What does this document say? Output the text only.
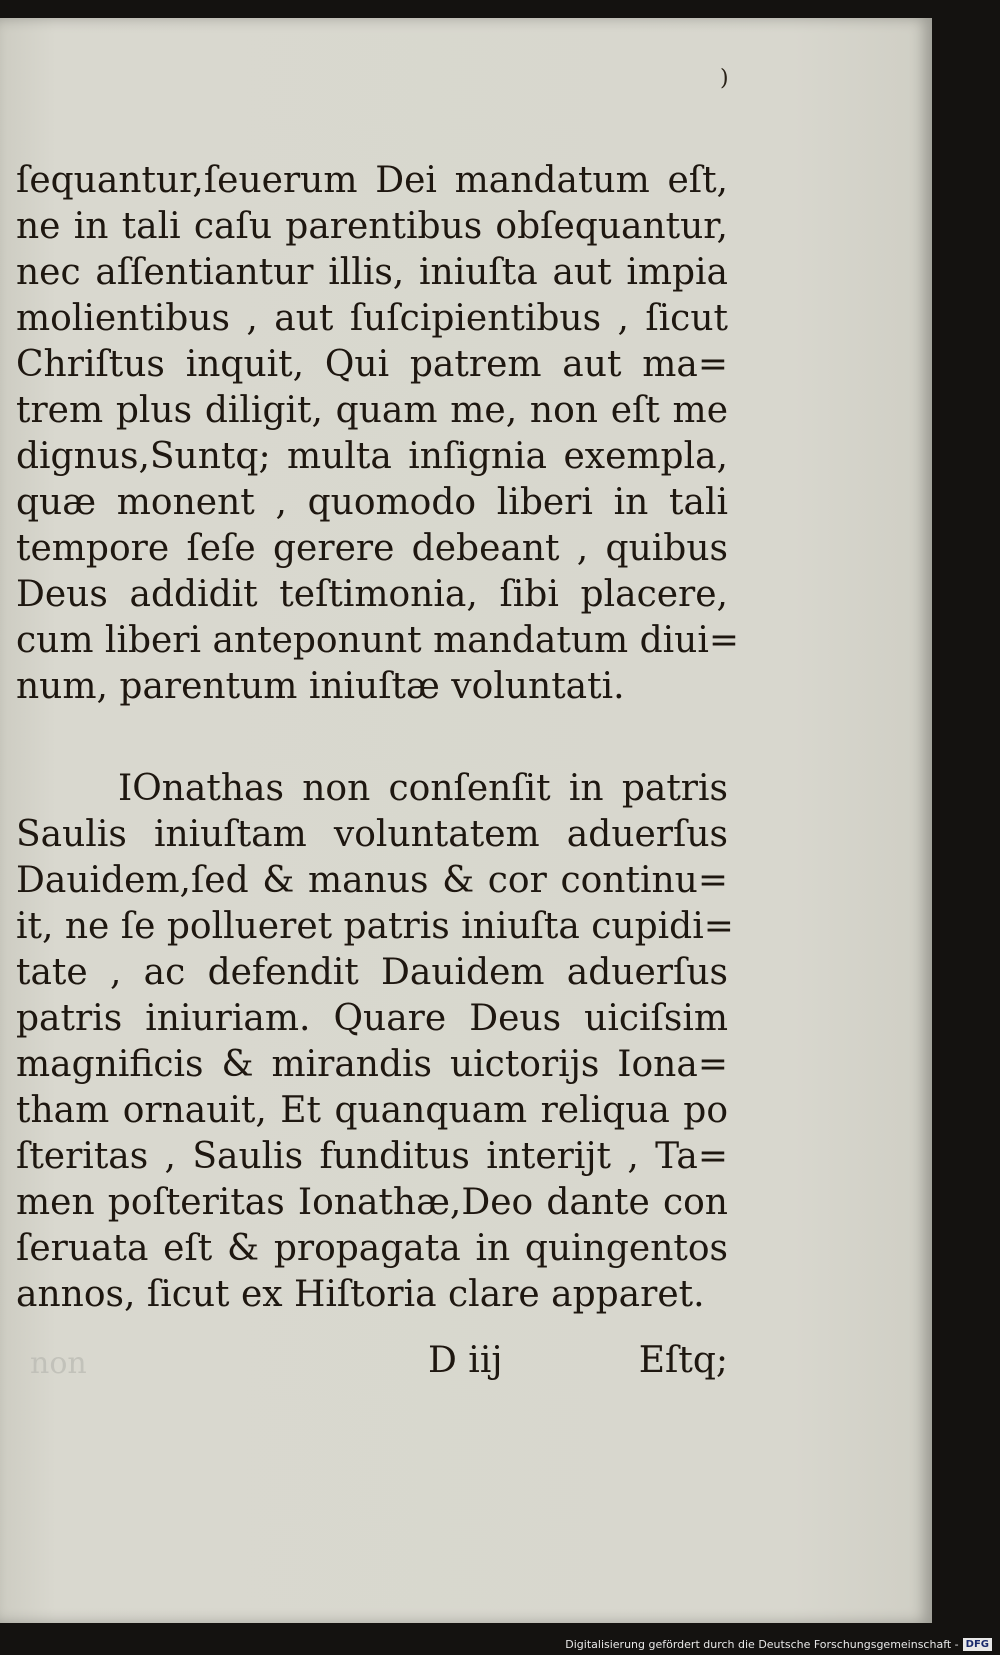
)
ſequantur,ſeuerum Dei mandatum eſt,
ne in tali caſu parentibus obſequantur,
nec aſſentiantur illis, iniuſta aut impia
molientibus , aut ſuſcipientibus , ſicut
Chriſtus inquit, Qui patrem aut ma=
trem plus diligit, quam me, non eſt me
dignus,Suntq; multa inſignia exempla,
quæ monent , quomodo liberi in tali
tempore ſeſe gerere debeant , quibus
Deus addidit teſtimonia, ſibi placere,
cum liberi anteponunt mandatum diui=
num, parentum iniuſtæ voluntati.
IOnathas non conſenſit in patris
Saulis iniuſtam voluntatem aduerſus
Dauidem,ſed & manus & cor continu=
it, ne ſe pollueret patris iniuſta cupidi=
tate , ac defendit Dauidem aduerſus
patris iniuriam. Quare Deus uiciſsim
magnificis & mirandis uictorijs Iona=
tham ornauit, Et quanquam reliqua po
ſteritas , Saulis funditus interijt , Ta=
men poſteritas Ionathæ,Deo dante con
ſeruata eſt & propagata in quingentos
annos, ſicut ex Hiſtoria clare apparet.
non	D iij	Eſtq;
Digitalisierung gefördert durch die Deutsche Forschungsgemeinschaft - DFG
